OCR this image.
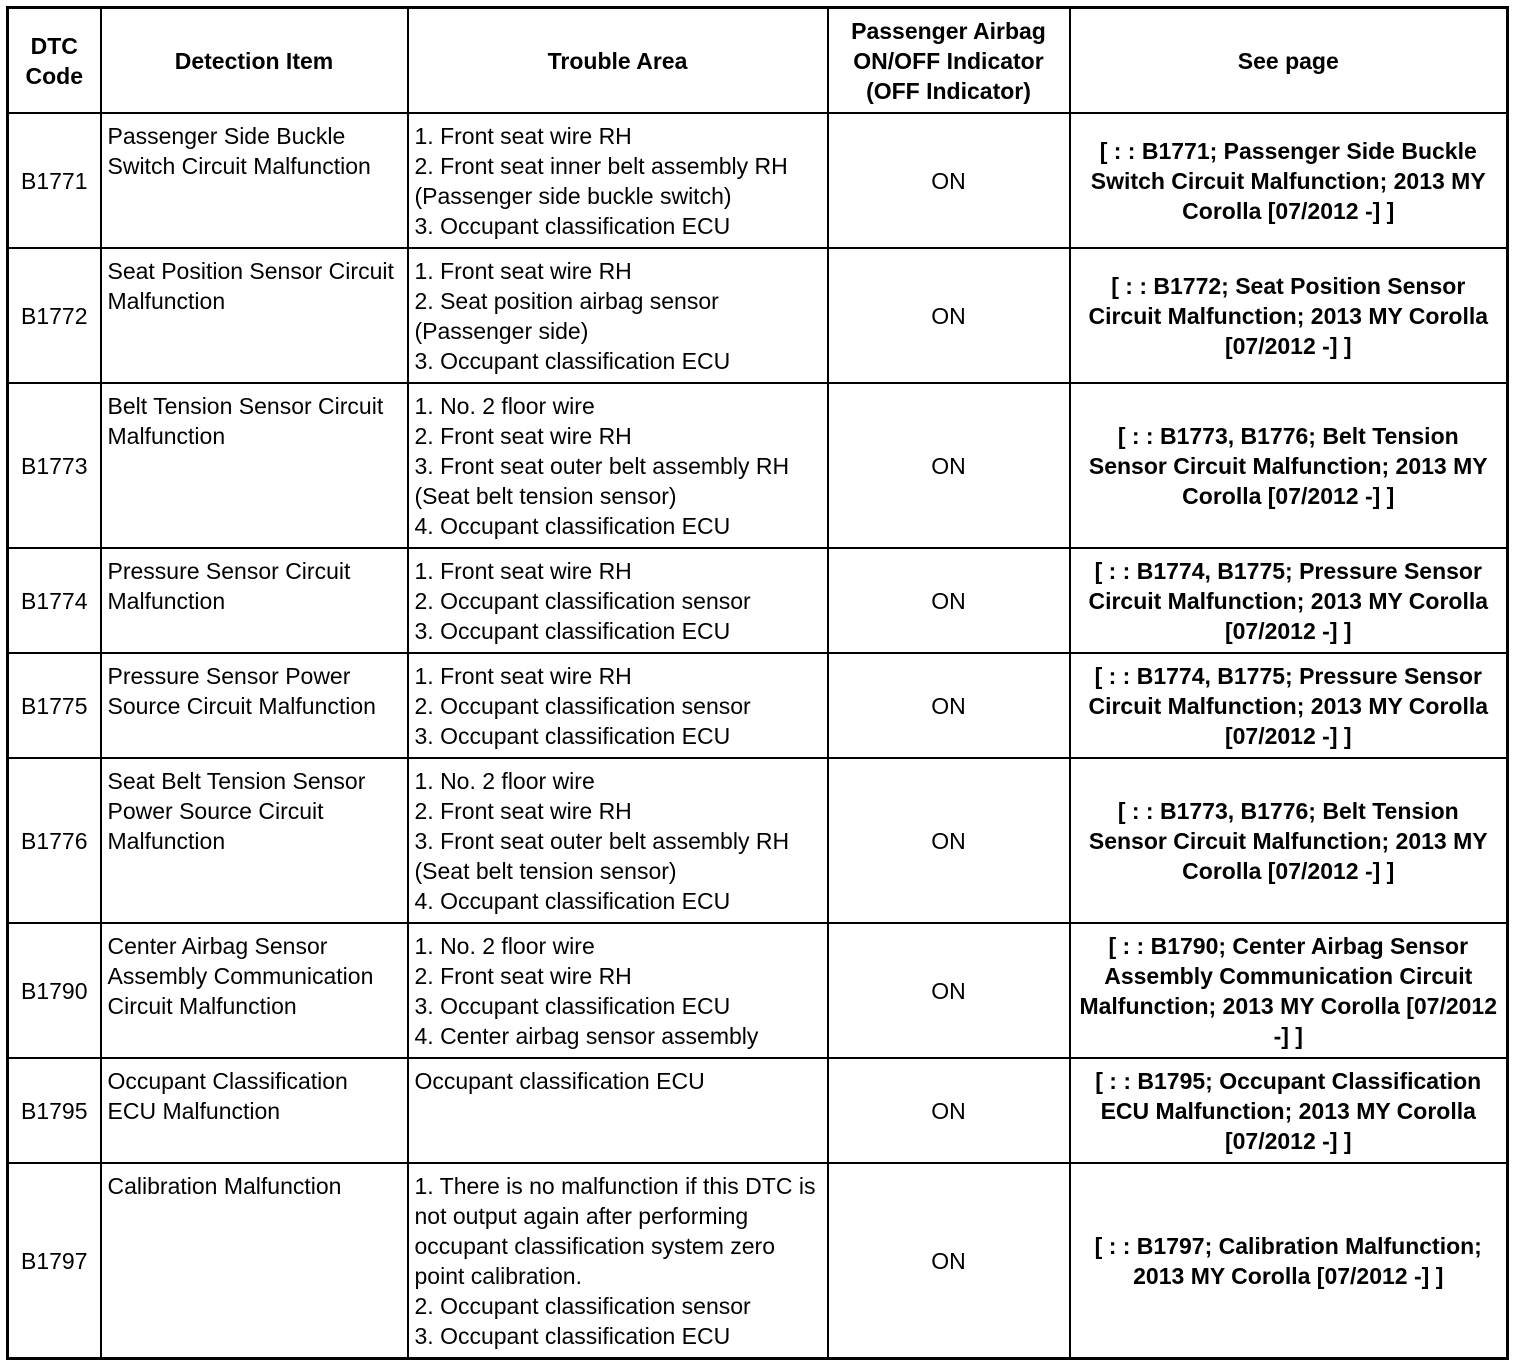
DTC Code	Detection Item	Trouble Area	Passenger Airbag ON/OFF Indicator (OFF Indicator)	See page
B1771	Passenger Side Buckle Switch Circuit Malfunction	1. Front seat wire RH
2. Front seat inner belt assembly RH (Passenger side buckle switch)
3. Occupant classification ECU	ON	[ : : B1771; Passenger Side Buckle Switch Circuit Malfunction; 2013 MY Corolla [07/2012 -] ]
B1772	Seat Position Sensor Circuit Malfunction	1. Front seat wire RH
2. Seat position airbag sensor (Passenger side)
3. Occupant classification ECU	ON	[ : : B1772; Seat Position Sensor Circuit Malfunction; 2013 MY Corolla [07/2012 -] ]
B1773	Belt Tension Sensor Circuit Malfunction	1. No. 2 floor wire
2. Front seat wire RH
3. Front seat outer belt assembly RH (Seat belt tension sensor)
4. Occupant classification ECU	ON	[ : : B1773, B1776; Belt Tension Sensor Circuit Malfunction; 2013 MY Corolla [07/2012 -] ]
B1774	Pressure Sensor Circuit Malfunction	1. Front seat wire RH
2. Occupant classification sensor
3. Occupant classification ECU	ON	[ : : B1774, B1775; Pressure Sensor Circuit Malfunction; 2013 MY Corolla [07/2012 -] ]
B1775	Pressure Sensor Power Source Circuit Malfunction	1. Front seat wire RH
2. Occupant classification sensor
3. Occupant classification ECU	ON	[ : : B1774, B1775; Pressure Sensor Circuit Malfunction; 2013 MY Corolla [07/2012 -] ]
B1776	Seat Belt Tension Sensor Power Source Circuit Malfunction	1. No. 2 floor wire
2. Front seat wire RH
3. Front seat outer belt assembly RH (Seat belt tension sensor)
4. Occupant classification ECU	ON	[ : : B1773, B1776; Belt Tension Sensor Circuit Malfunction; 2013 MY Corolla [07/2012 -] ]
B1790	Center Airbag Sensor Assembly Communication Circuit Malfunction	1. No. 2 floor wire
2. Front seat wire RH
3. Occupant classification ECU
4. Center airbag sensor assembly	ON	[ : : B1790; Center Airbag Sensor Assembly Communication Circuit Malfunction; 2013 MY Corolla [07/2012 -] ]
B1795	Occupant Classification ECU Malfunction	Occupant classification ECU	ON	[ : : B1795; Occupant Classification ECU Malfunction; 2013 MY Corolla [07/2012 -] ]
B1797	Calibration Malfunction	1. There is no malfunction if this DTC is not output again after performing occupant classification system zero point calibration.
2. Occupant classification sensor
3. Occupant classification ECU	ON	[ : : B1797; Calibration Malfunction; 2013 MY Corolla [07/2012 -] ]
